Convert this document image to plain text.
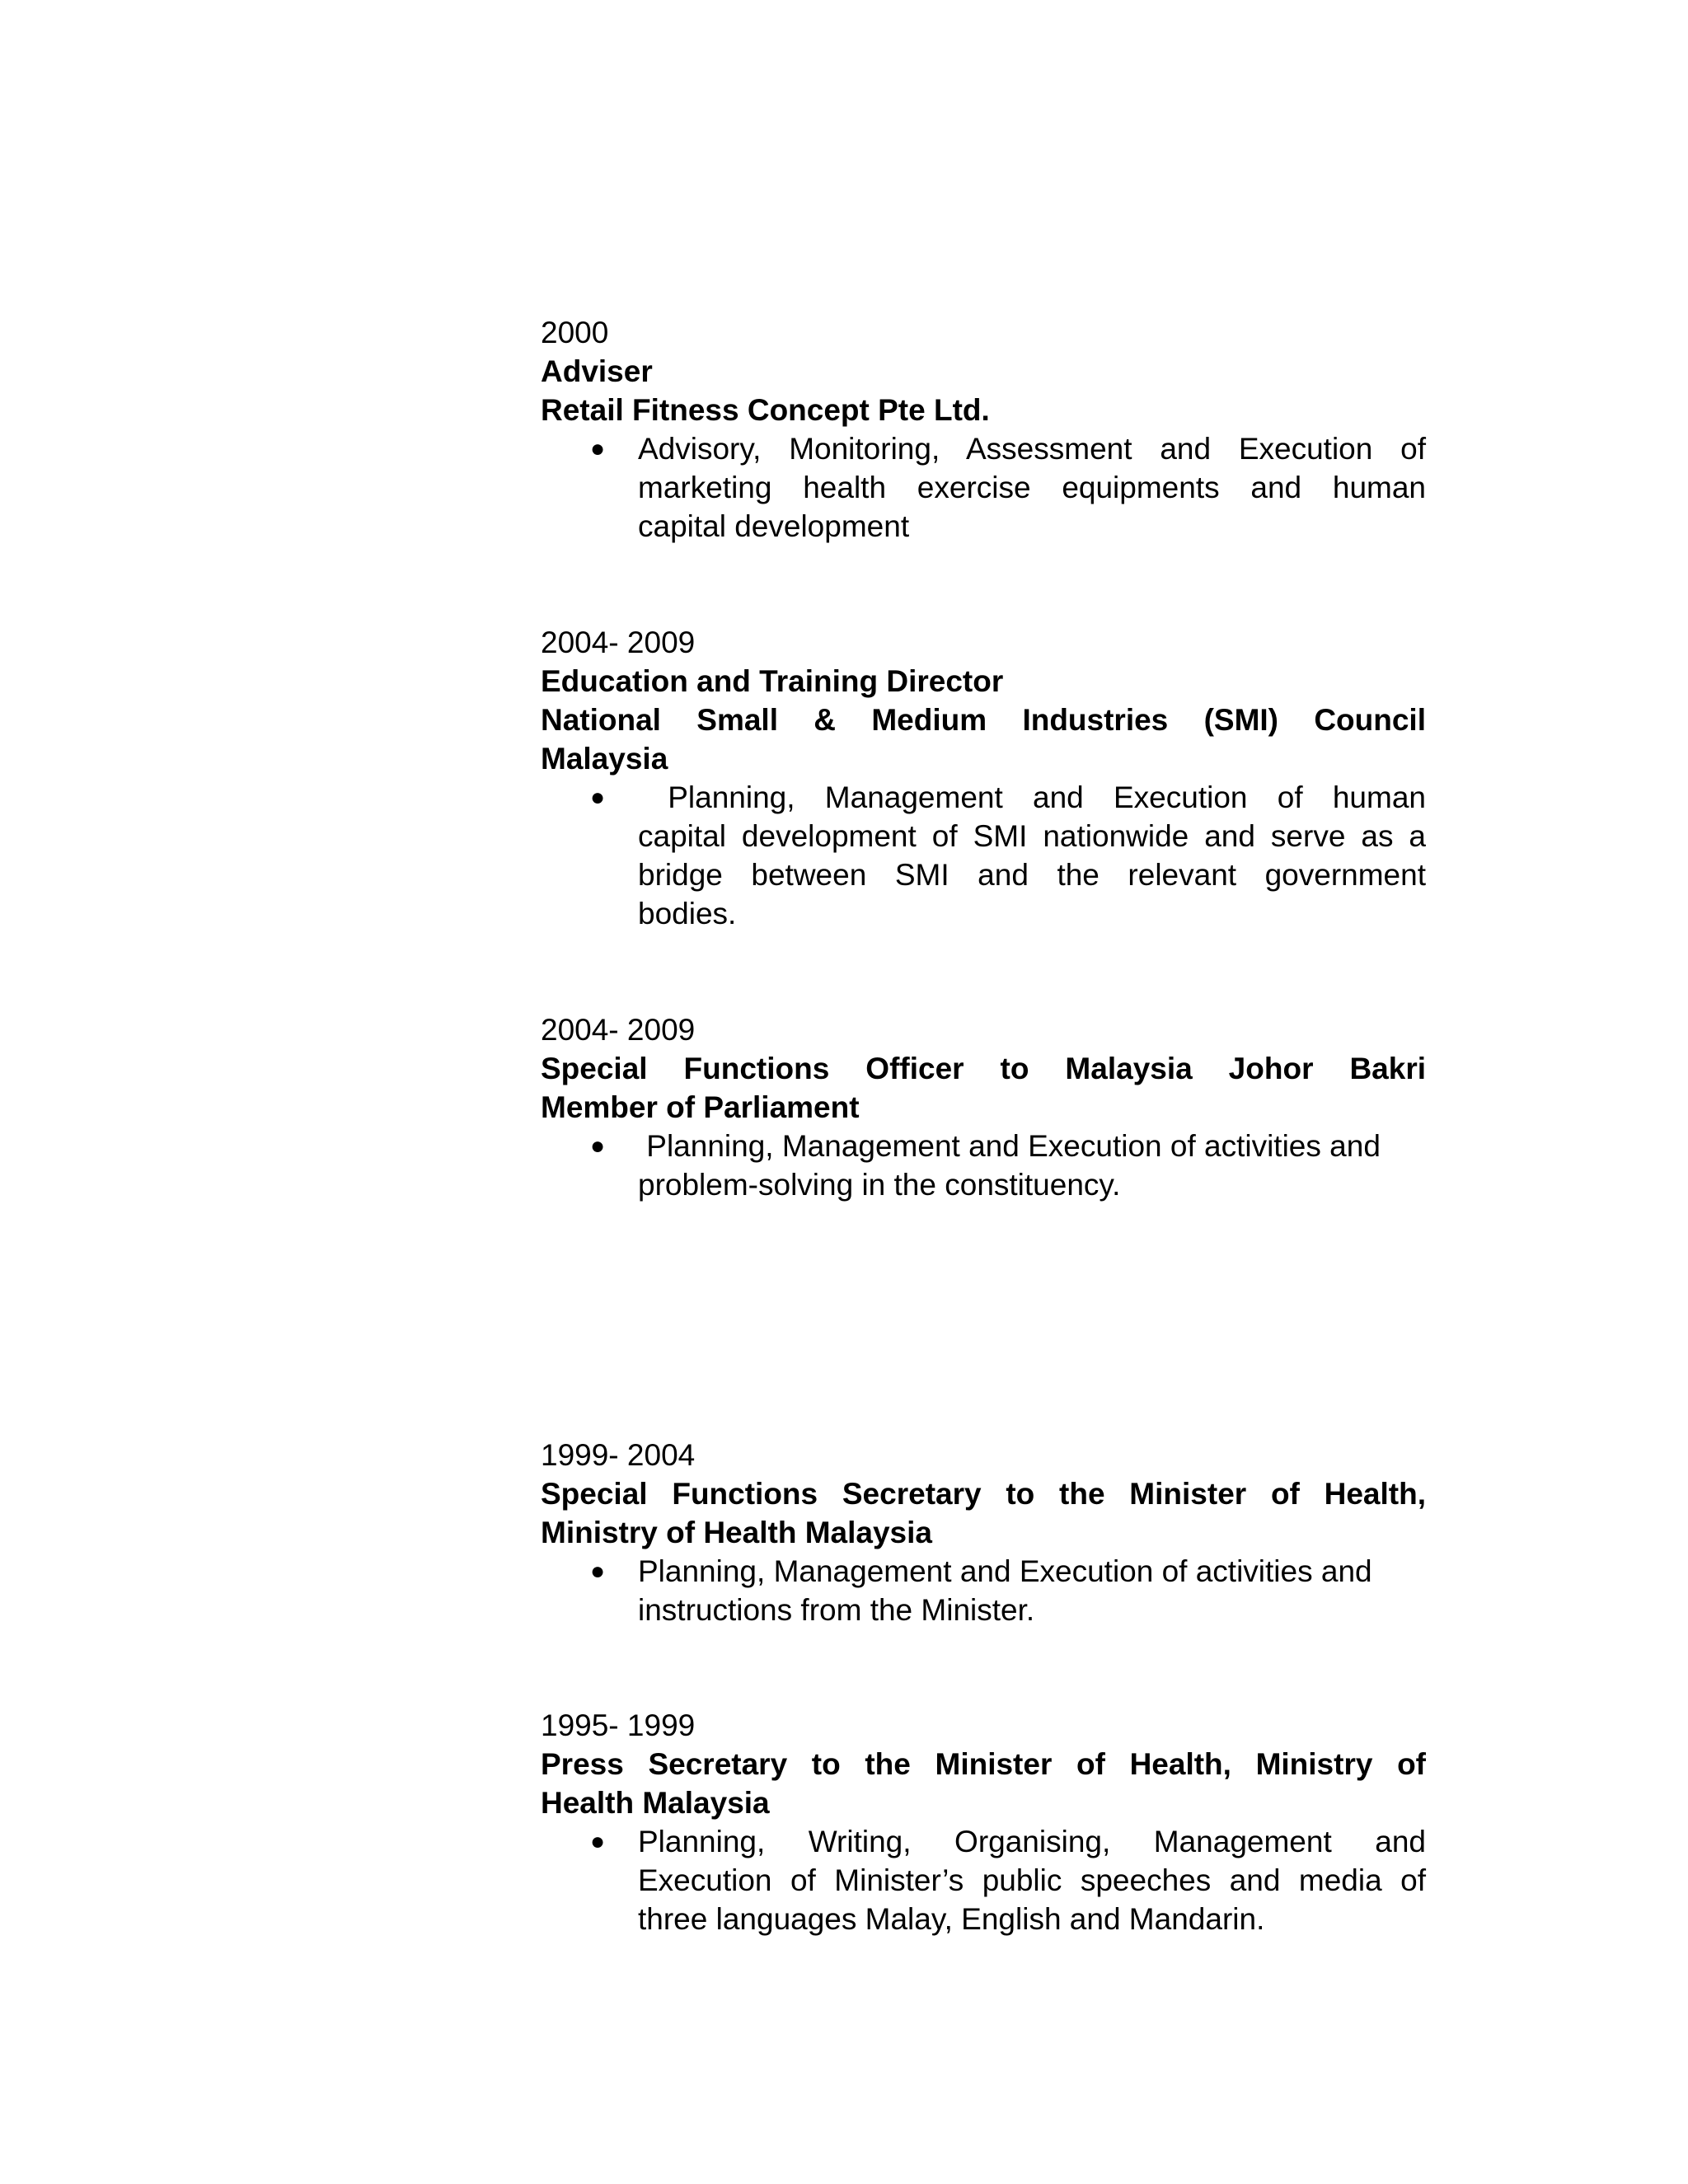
2000
Adviser
Retail Fitness Concept Pte Ltd.
● Advisory, Monitoring, Assessment and Execution of
marketing health exercise equipments and human
capital development
2004- 2009
Education and Training Director
National Small & Medium Industries (SMI) Council
Malaysia
● Planning, Management and Execution of human
capital development of SMI nationwide and serve as a
bridge between SMI and the relevant government
bodies.
2004- 2009
Special Functions Officer to Malaysia Johor Bakri
Member of Parliament
● Planning, Management and Execution of activities and
problem-solving in the constituency.
1999- 2004
Special Functions Secretary to the Minister of Health,
Ministry of Health Malaysia
● Planning, Management and Execution of activities and
instructions from the Minister.
1995- 1999
Press Secretary to the Minister of Health, Ministry of
Health Malaysia
● Planning, Writing, Organising, Management and
Execution of Minister’s public speeches and media of
three languages Malay, English and Mandarin.
